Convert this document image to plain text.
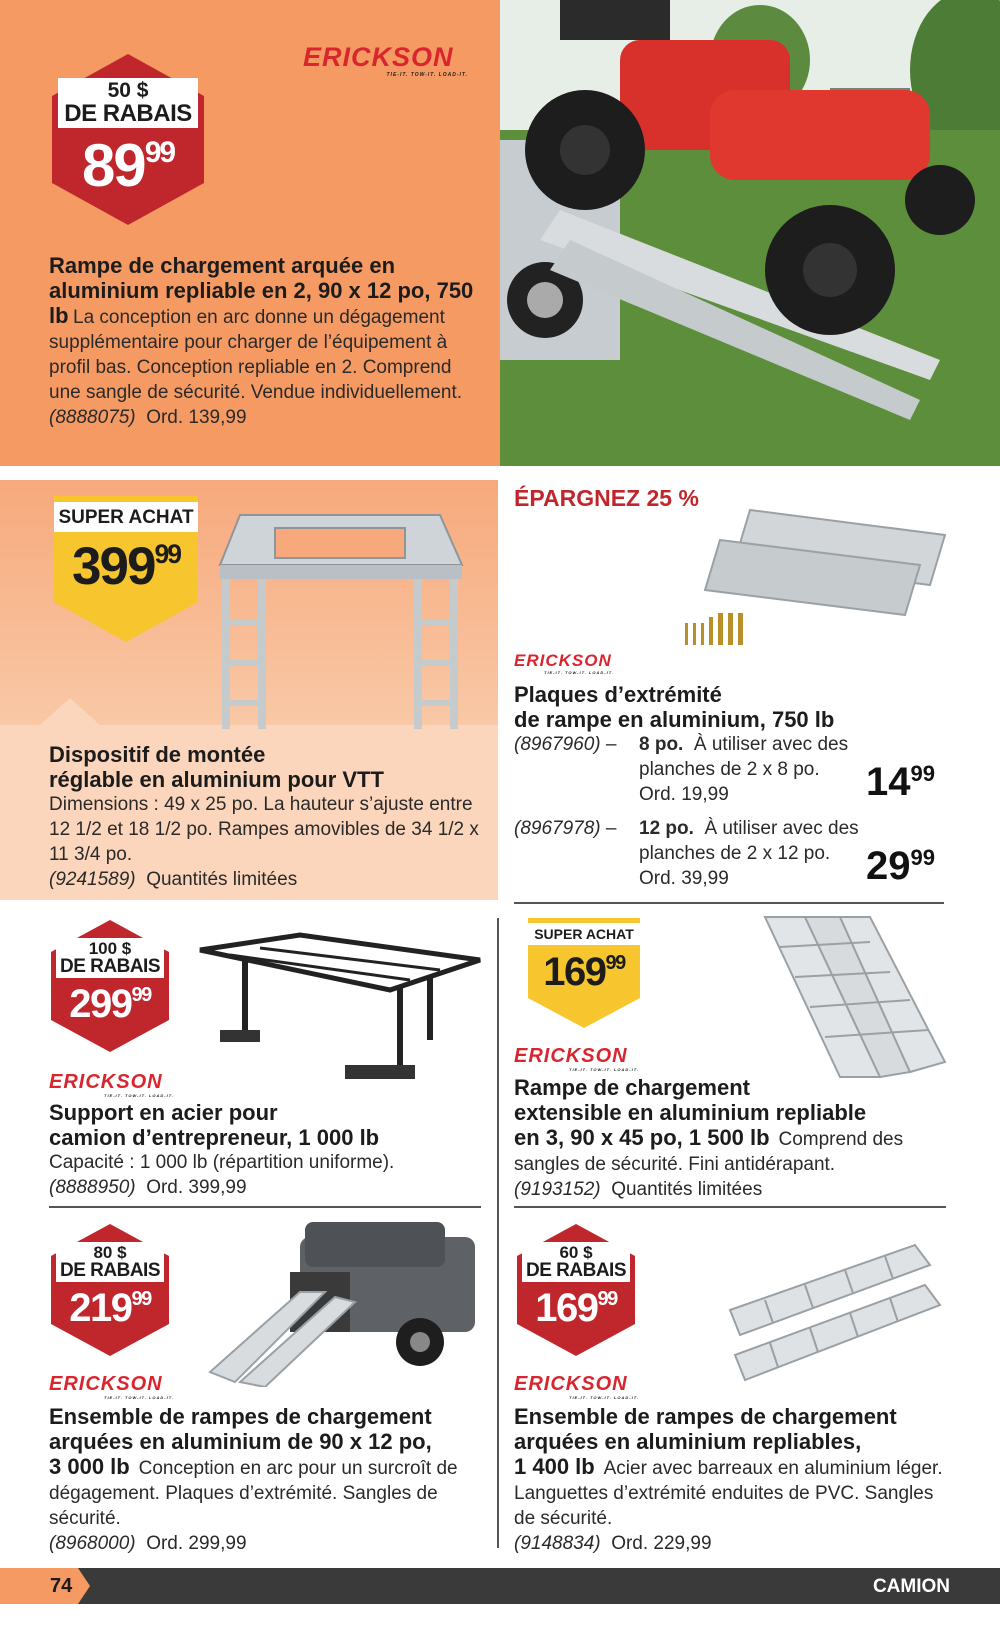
ERICKSON
TIE-IT. TOW-IT. LOAD-IT.
50 $
DE RABAIS
$89^{99}$
Rampe de chargement arquée en aluminium repliable en 2, 90 x 12 po, 750 lb La conception en arc donne un dégagement supplémentaire pour charger de l’équipement à profil bas. Conception repliable en 2. Comprend une sangle de sécurité. Vendue individuellement.
(8888075) Ord. 139,99
SUPER ACHAT
$399^{99}$
Dispositif de montée
réglable en aluminium pour VTT
Dimensions : 49 x 25 po. La hauteur s’ajuste entre 12 1/2 et 18 1/2 po. Rampes amovibles de 34 1/2 x 11 3/4 po.
(9241589) Quantités limitées
ÉPARGNEZ 25 %
ERICKSON
TIE-IT. TOW-IT. LOAD-IT.
Plaques d’extrémité
de rampe en aluminium, 750 lb
(8967960) –	8 po. À utiliser avec des planches de 2 x 8 po.
Ord. 19,99	$14^{99}$
(8967978) –	12 po. À utiliser avec des planches de 2 x 12 po.
Ord. 39,99	$29^{99}$
100 $
DE RABAIS
$299^{99}$
ERICKSON
TIE-IT. TOW-IT. LOAD-IT.
Support en acier pour
camion d’entrepreneur, 1 000 lb
Capacité : 1 000 lb (répartition uniforme).
(8888950) Ord. 399,99
SUPER ACHAT
$169^{99}$
ERICKSON
TIE-IT. TOW-IT. LOAD-IT.
Rampe de chargement
extensible en aluminium repliable
en 3, 90 x 45 po, 1 500 lb Comprend des sangles de sécurité. Fini antidérapant.
(9193152) Quantités limitées
80 $
DE RABAIS
$219^{99}$
ERICKSON
TIE-IT. TOW-IT. LOAD-IT.
Ensemble de rampes de chargement
arquées en aluminium de 90 x 12 po,
3 000 lb Conception en arc pour un surcroît de dégagement. Plaques d’extrémité. Sangles de sécurité.
(8968000) Ord. 299,99
60 $
DE RABAIS
$169^{99}$
ERICKSON
TIE-IT. TOW-IT. LOAD-IT.
Ensemble de rampes de chargement
arquées en aluminium repliables,
1 400 lb Acier avec barreaux en aluminium léger. Languettes d’extrémité enduites de PVC. Sangles de sécurité.
(9148834) Ord. 229,99
74	CAMION
